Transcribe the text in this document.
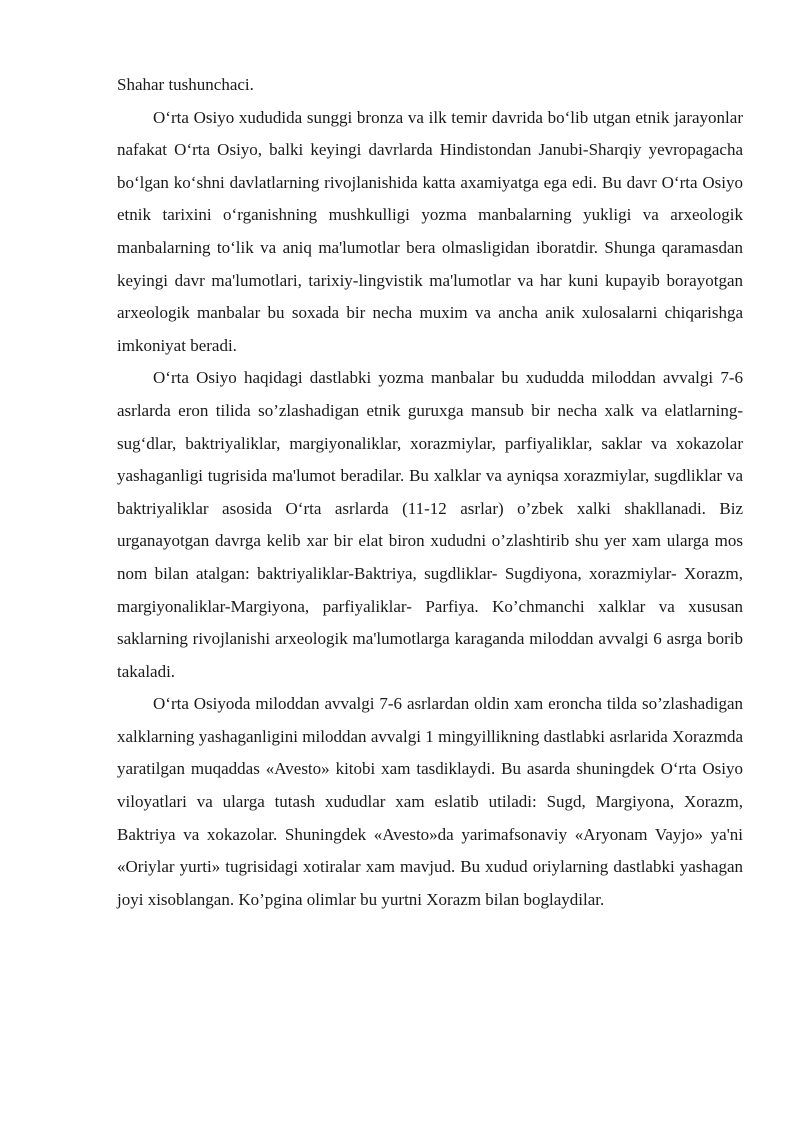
Shahar tushunchaci.

O‘rta Osiyo xududida sunggi bronza va ilk temir davrida bo‘lib utgan etnik jarayonlar nafakat O‘rta Osiyo, balki keyingi davrlarda Hindistondan Janubi-Sharqiy yevropagacha bo‘lgan ko‘shni davlatlarning rivojlanishida katta axamiyatga ega edi. Bu davr O‘rta Osiyo etnik tarixini o‘rganishning mushkulligi yozma manbalarning yukligi va arxeologik manbalarning to‘lik va aniq ma'lumotlar bera olmasligidan iboratdir. Shunga qaramasdan keyingi davr ma'lumotlari, tarixiy-lingvistik ma'lumotlar va har kuni kupayib borayotgan arxeologik manbalar bu soxada bir necha muxim va ancha anik xulosalarni chiqarishga imkoniyat beradi.

O‘rta Osiyo haqidagi dastlabki yozma manbalar bu xududda miloddan avvalgi 7-6 asrlarda eron tilida so’zlashadigan etnik guruxga mansub bir necha xalk va elatlarning-sug‘dlar, baktriyaliklar, margiyonaliklar, xorazmiylar, parfiyaliklar, saklar va xokazolar yashaganligi tugrisida ma'lumot beradilar. Bu xalklar va ayniqsa xorazmiylar, sugdliklar va baktriyaliklar asosida O‘rta asrlarda (11-12 asrlar) o’zbek xalki shakllanadi. Biz urganayotgan davrga kelib xar bir elat biron xududni o’zlashtirib shu yer xam ularga mos nom bilan atalgan: baktriyaliklar-Baktriya, sugdliklar- Sugdiyona, xorazmiylar- Xorazm, margiyonaliklar-Margiyona, parfiyaliklar- Parfiya. Ko’chmanchi xalklar va xususan saklarning rivojlanishi arxeologik ma'lumotlarga karaganda miloddan avvalgi 6 asrga borib takaladi.

O‘rta Osiyoda miloddan avvalgi 7-6 asrlardan oldin xam eroncha tilda so’zlashadigan xalklarning yashaganligini miloddan avvalgi 1 mingyillikning dastlabki asrlarida Xorazmda yaratilgan muqaddas «Avesto» kitobi xam tasdiklaydi. Bu asarda shuningdek O‘rta Osiyo viloyatlari va ularga tutash xududlar xam eslatib utiladi: Sugd, Margiyona, Xorazm, Baktriya va xokazolar. Shuningdek «Avesto»da yarimafsonaviy «Aryonam Vayjo» ya'ni «Oriylar yurti» tugrisidagi xotiralar xam mavjud. Bu xudud oriylarning dastlabki yashagan joyi xisoblangan. Ko’pgina olimlar bu yurtni Xorazm bilan boglaydilar.
